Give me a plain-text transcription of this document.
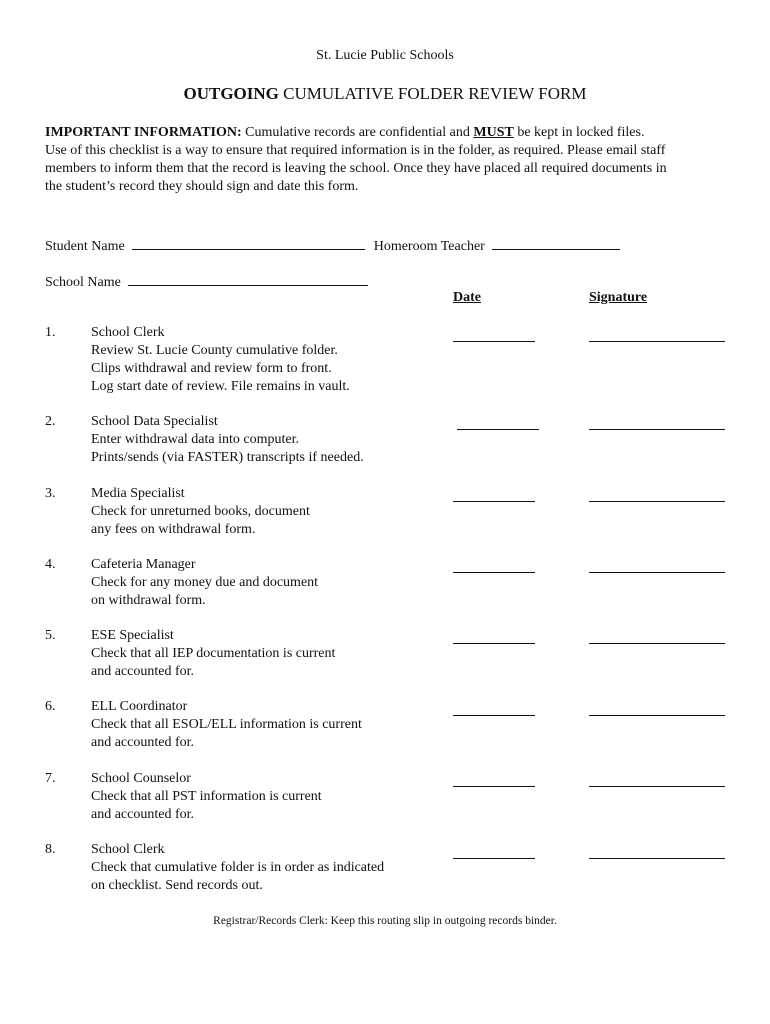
St. Lucie Public Schools
OUTGOING CUMULATIVE FOLDER REVIEW FORM
IMPORTANT INFORMATION: Cumulative records are confidential and MUST be kept in locked files.
Use of this checklist is a way to ensure that required information is in the folder, as required. Please email staff
members to inform them that the record is leaving the school. Once they have placed all required documents in
the student’s record they should sign and date this form.
Student Name	Homeroom Teacher
School Name
Date	Signature
1.	School Clerk
Review St. Lucie County cumulative folder.
Clips withdrawal and review form to front.
Log start date of review. File remains in vault.
2.	School Data Specialist
Enter withdrawal data into computer.
Prints/sends (via FASTER) transcripts if needed.
3.	Media Specialist
Check for unreturned books, document
any fees on withdrawal form.
4.	Cafeteria Manager
Check for any money due and document
on withdrawal form.
5.	ESE Specialist
Check that all IEP documentation is current
and accounted for.
6.	ELL Coordinator
Check that all ESOL/ELL information is current
and accounted for.
7.	School Counselor
Check that all PST information is current
and accounted for.
8.	School Clerk
Check that cumulative folder is in order as indicated
on checklist. Send records out.
Registrar/Records Clerk: Keep this routing slip in outgoing records binder.
